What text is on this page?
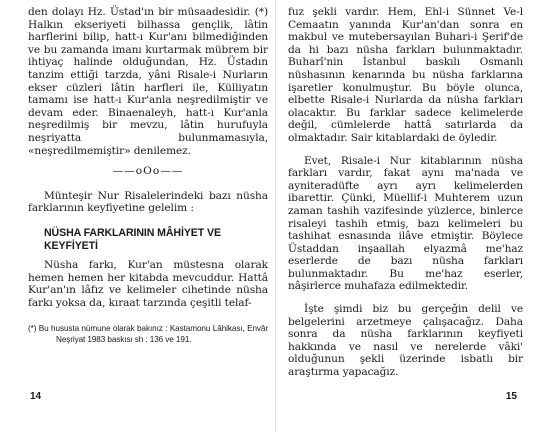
den dolayı Hz. Üstad'ın bir müsaadesidir. (*) Halkın ekseriyeti bilhassa gençlik, lâtin harflerini bilip, hatt-ı Kur'anı bilmediğinden ve bu zamanda imanı kurtarmak mübrem bir ihtiyaç halinde olduğundan, Hz. Üstadın tanzim ettiği tarzda, yâni Risale-i Nurların ekser cüzleri lâtin harfleri ile, Külliyatın tamamı ise hatt-ı Kur'anla neşredilmiştir ve devam eder. Binaenaleyh, hatt-ı Kur'anla neşredilmiş bir mevzu, lâtin hurufuyla neşriyatta bulunmamasıyla, «neşredilmemiştir» denilemez.

——oOo——

Münteşir Nur Risalelerindeki bazı nüsha farklarının keyfiyetine gelelim :

NÜSHA FARKLARININ MÂHİYET VE KEYFİYETİ

Nüsha farkı, Kur'an müstesna olarak hemen hemen her kitabda mevcuddur. Hattâ Kur'an'ın lâfız ve kelimeler cihetinde nüsha farkı yoksa da, kıraat tarzında çeşitli telaf-

(*) Bu hususta nümune olarak bakınız : Kastamonu Lâhikası, Envâr Neşriyat 1983 baskısı sh : 136 ve 191.
14

fuz şekli vardır. Hem, Ehl-i Sünnet Ve-l Cemaatın yanında Kur'an'dan sonra en makbul ve mutebersayılan Buhari-i Şerif'de da hi bazı nüsha farkları bulunmaktadır. Buharî'nin İstanbul baskılı Osmanlı nüshasının kenarında bu nüsha farklarına işaretler konulmuştur. Bu böyle olunca, elbette Risale-i Nurlarda da nüsha farkları olacaktır. Bu farklar sadece kelimelerde değil, cümlelerde hattâ satırlarda da olmaktadır. Sair kitablardaki de öyledir.

Evet, Risale-i Nur kitablarının nüsha farkları vardır, fakat aynı ma'nada ve ayniteradüfte ayrı ayrı kelimelerden ibarettir. Çünki, Müellif-i Muhterem uzun zaman tashih vazifesinde yüzlerce, binlerce risaleyi tashih etmiş, bazı kelimeleri bu tashihat esnasında ilâve etmiştir. Böylece Üstaddan inşaallah elyazmâ me'haz eserlerde de bazı nüsha farkları bulunmaktadır. Bu me'haz eserler, nâşirlerce muhafaza edilmektedir.

İşte şimdi biz bu gerçeğin delil ve belgelerini arzetmeye çalışacağız. Daha sonra da nüsha farklarının keyfiyeti hakkında ve nasıl ve nerelerde vâki' olduğunun şekli üzerinde isbatlı bir araştırma yapacağız.

15
